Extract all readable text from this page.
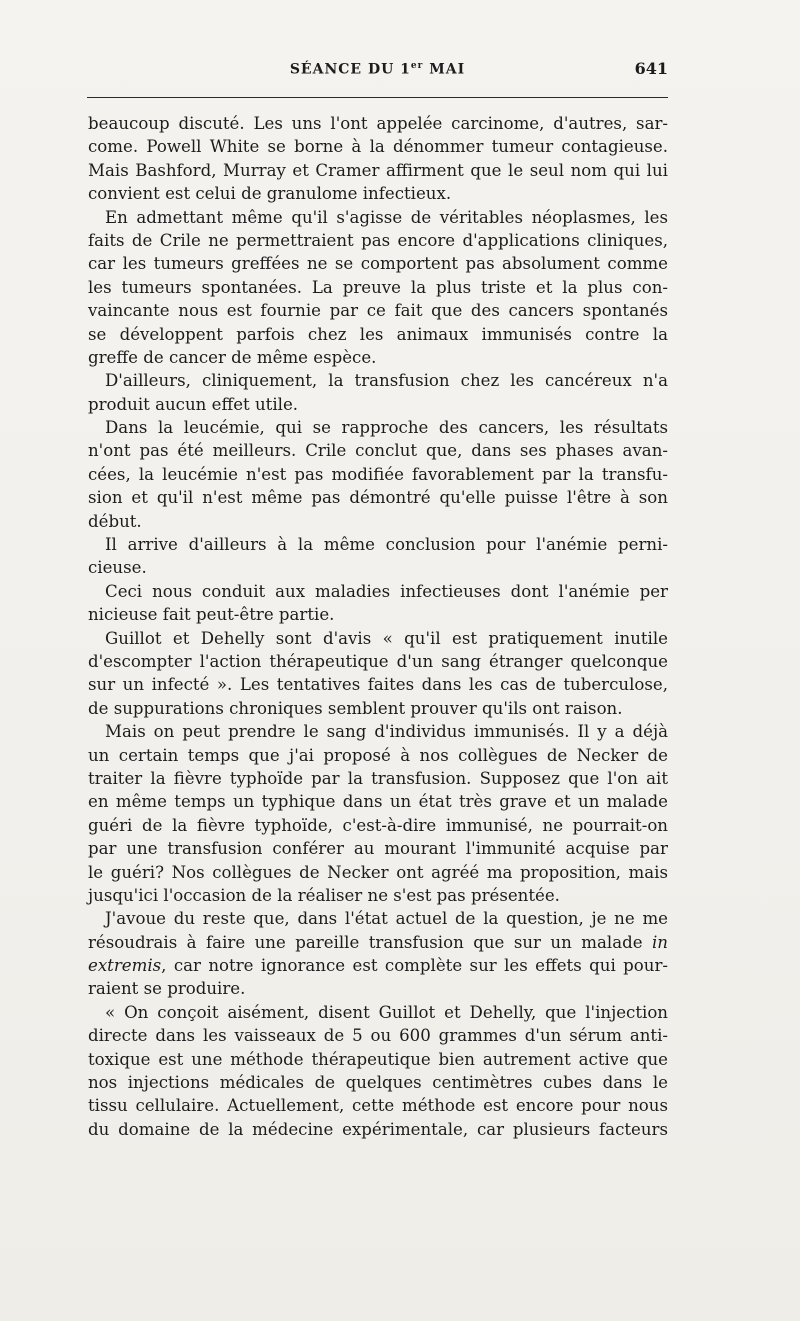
SÉANCE DU 1er MAI	641
beaucoup discuté. Les uns l'ont appelée carcinome, d'autres, sar-
come. Powell White se borne à la dénommer tumeur contagieuse.
Mais Bashford, Murray et Cramer affirment que le seul nom qui lui
convient est celui de granulome infectieux.
En admettant même qu'il s'agisse de véritables néoplasmes, les
faits de Crile ne permettraient pas encore d'applications cliniques,
car les tumeurs greffées ne se comportent pas absolument comme
les tumeurs spontanées. La preuve la plus triste et la plus con-
vaincante nous est fournie par ce fait que des cancers spontanés
se développent parfois chez les animaux immunisés contre la
greffe de cancer de même espèce.
D'ailleurs, cliniquement, la transfusion chez les cancéreux n'a
produit aucun effet utile.
Dans la leucémie, qui se rapproche des cancers, les résultats
n'ont pas été meilleurs. Crile conclut que, dans ses phases avan-
cées, la leucémie n'est pas modifiée favorablement par la transfu-
sion et qu'il n'est même pas démontré qu'elle puisse l'être à son
début.
Il arrive d'ailleurs à la même conclusion pour l'anémie perni-
cieuse.
Ceci nous conduit aux maladies infectieuses dont l'anémie per
nicieuse fait peut-être partie.
Guillot et Dehelly sont d'avis « qu'il est pratiquement inutile
d'escompter l'action thérapeutique d'un sang étranger quelconque
sur un infecté ». Les tentatives faites dans les cas de tuberculose,
de suppurations chroniques semblent prouver qu'ils ont raison.
Mais on peut prendre le sang d'individus immunisés. Il y a déjà
un certain temps que j'ai proposé à nos collègues de Necker de
traiter la fièvre typhoïde par la transfusion. Supposez que l'on ait
en même temps un typhique dans un état très grave et un malade
guéri de la fièvre typhoïde, c'est-à-dire immunisé, ne pourrait-on
par une transfusion conférer au mourant l'immunité acquise par
le guéri? Nos collègues de Necker ont agréé ma proposition, mais
jusqu'ici l'occasion de la réaliser ne s'est pas présentée.
J'avoue du reste que, dans l'état actuel de la question, je ne me
résoudrais à faire une pareille transfusion que sur un malade in
extremis, car notre ignorance est complète sur les effets qui pour-
raient se produire.
« On conçoit aisément, disent Guillot et Dehelly, que l'injection
directe dans les vaisseaux de 5 ou 600 grammes d'un sérum anti-
toxique est une méthode thérapeutique bien autrement active que
nos injections médicales de quelques centimètres cubes dans le
tissu cellulaire. Actuellement, cette méthode est encore pour nous
du domaine de la médecine expérimentale, car plusieurs facteurs
